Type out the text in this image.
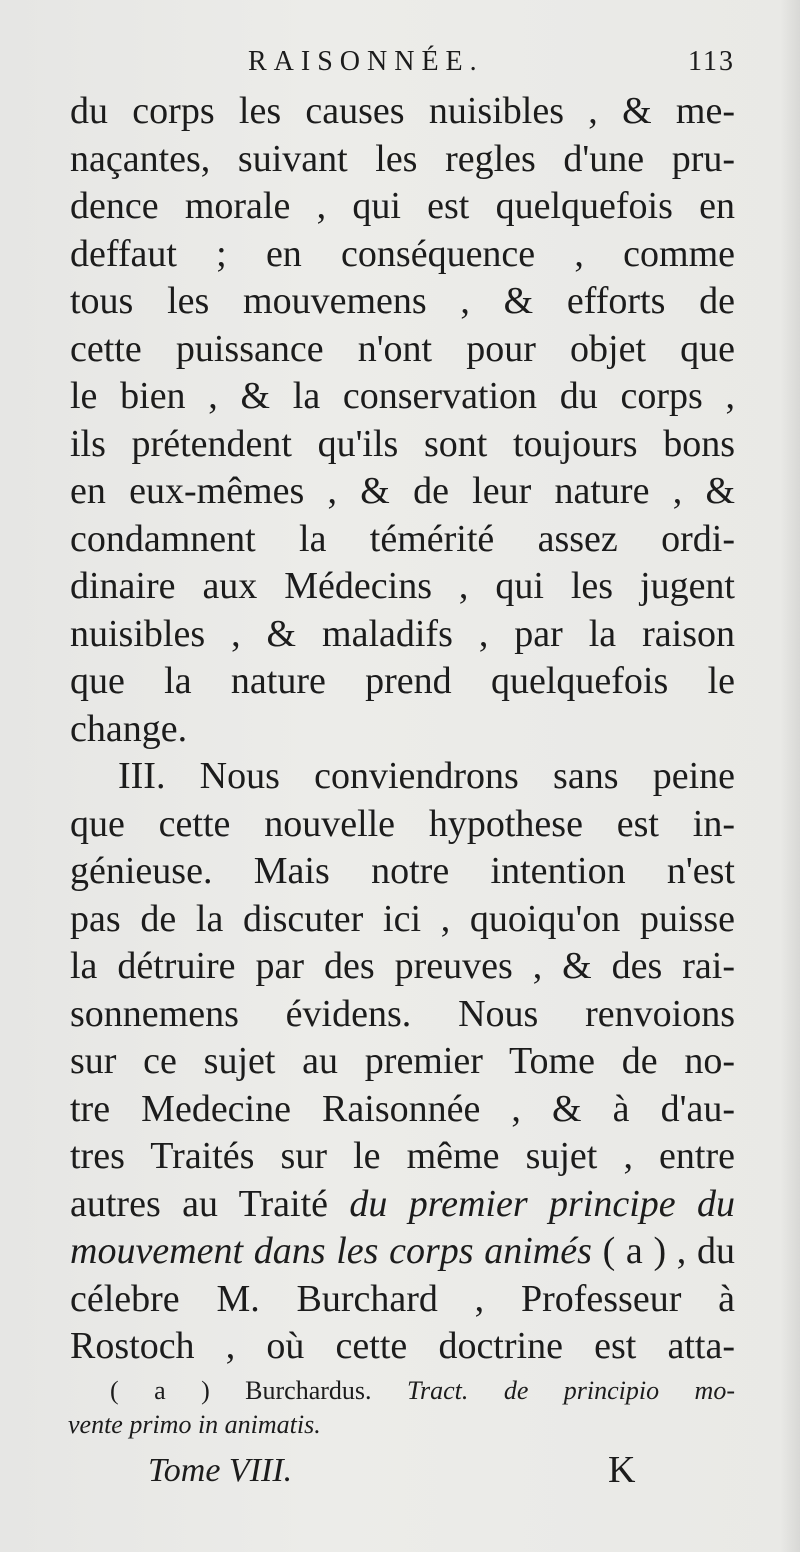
RAISONNÉE.	113
du corps les causes nuisibles , & me-
naçantes, suivant les regles d'une pru-
dence morale , qui est quelquefois en
deffaut ; en conséquence , comme
tous les mouvemens , & efforts de
cette puissance n'ont pour objet que
le bien , & la conservation du corps ,
ils prétendent qu'ils sont toujours bons
en eux-mêmes , & de leur nature , &
condamnent la témérité assez ordi-
dinaire aux Médecins , qui les jugent
nuisibles , & maladifs , par la raison
que la nature prend quelquefois le
change.
III. Nous conviendrons sans peine
que cette nouvelle hypothese est in-
génieuse. Mais notre intention n'est
pas de la discuter ici , quoiqu'on puisse
la détruire par des preuves , & des rai-
sonnemens évidens. Nous renvoions
sur ce sujet au premier Tome de no-
tre Medecine Raisonnée , & à d'au-
tres Traités sur le même sujet , entre
autres au Traité du premier principe du
mouvement dans les corps animés ( a ) , du
célebre M. Burchard , Professeur à
Rostoch , où cette doctrine est atta-
( a ) Burchardus. Tract. de principio mo-
vente primo in animatis.
Tome VIII.	K
